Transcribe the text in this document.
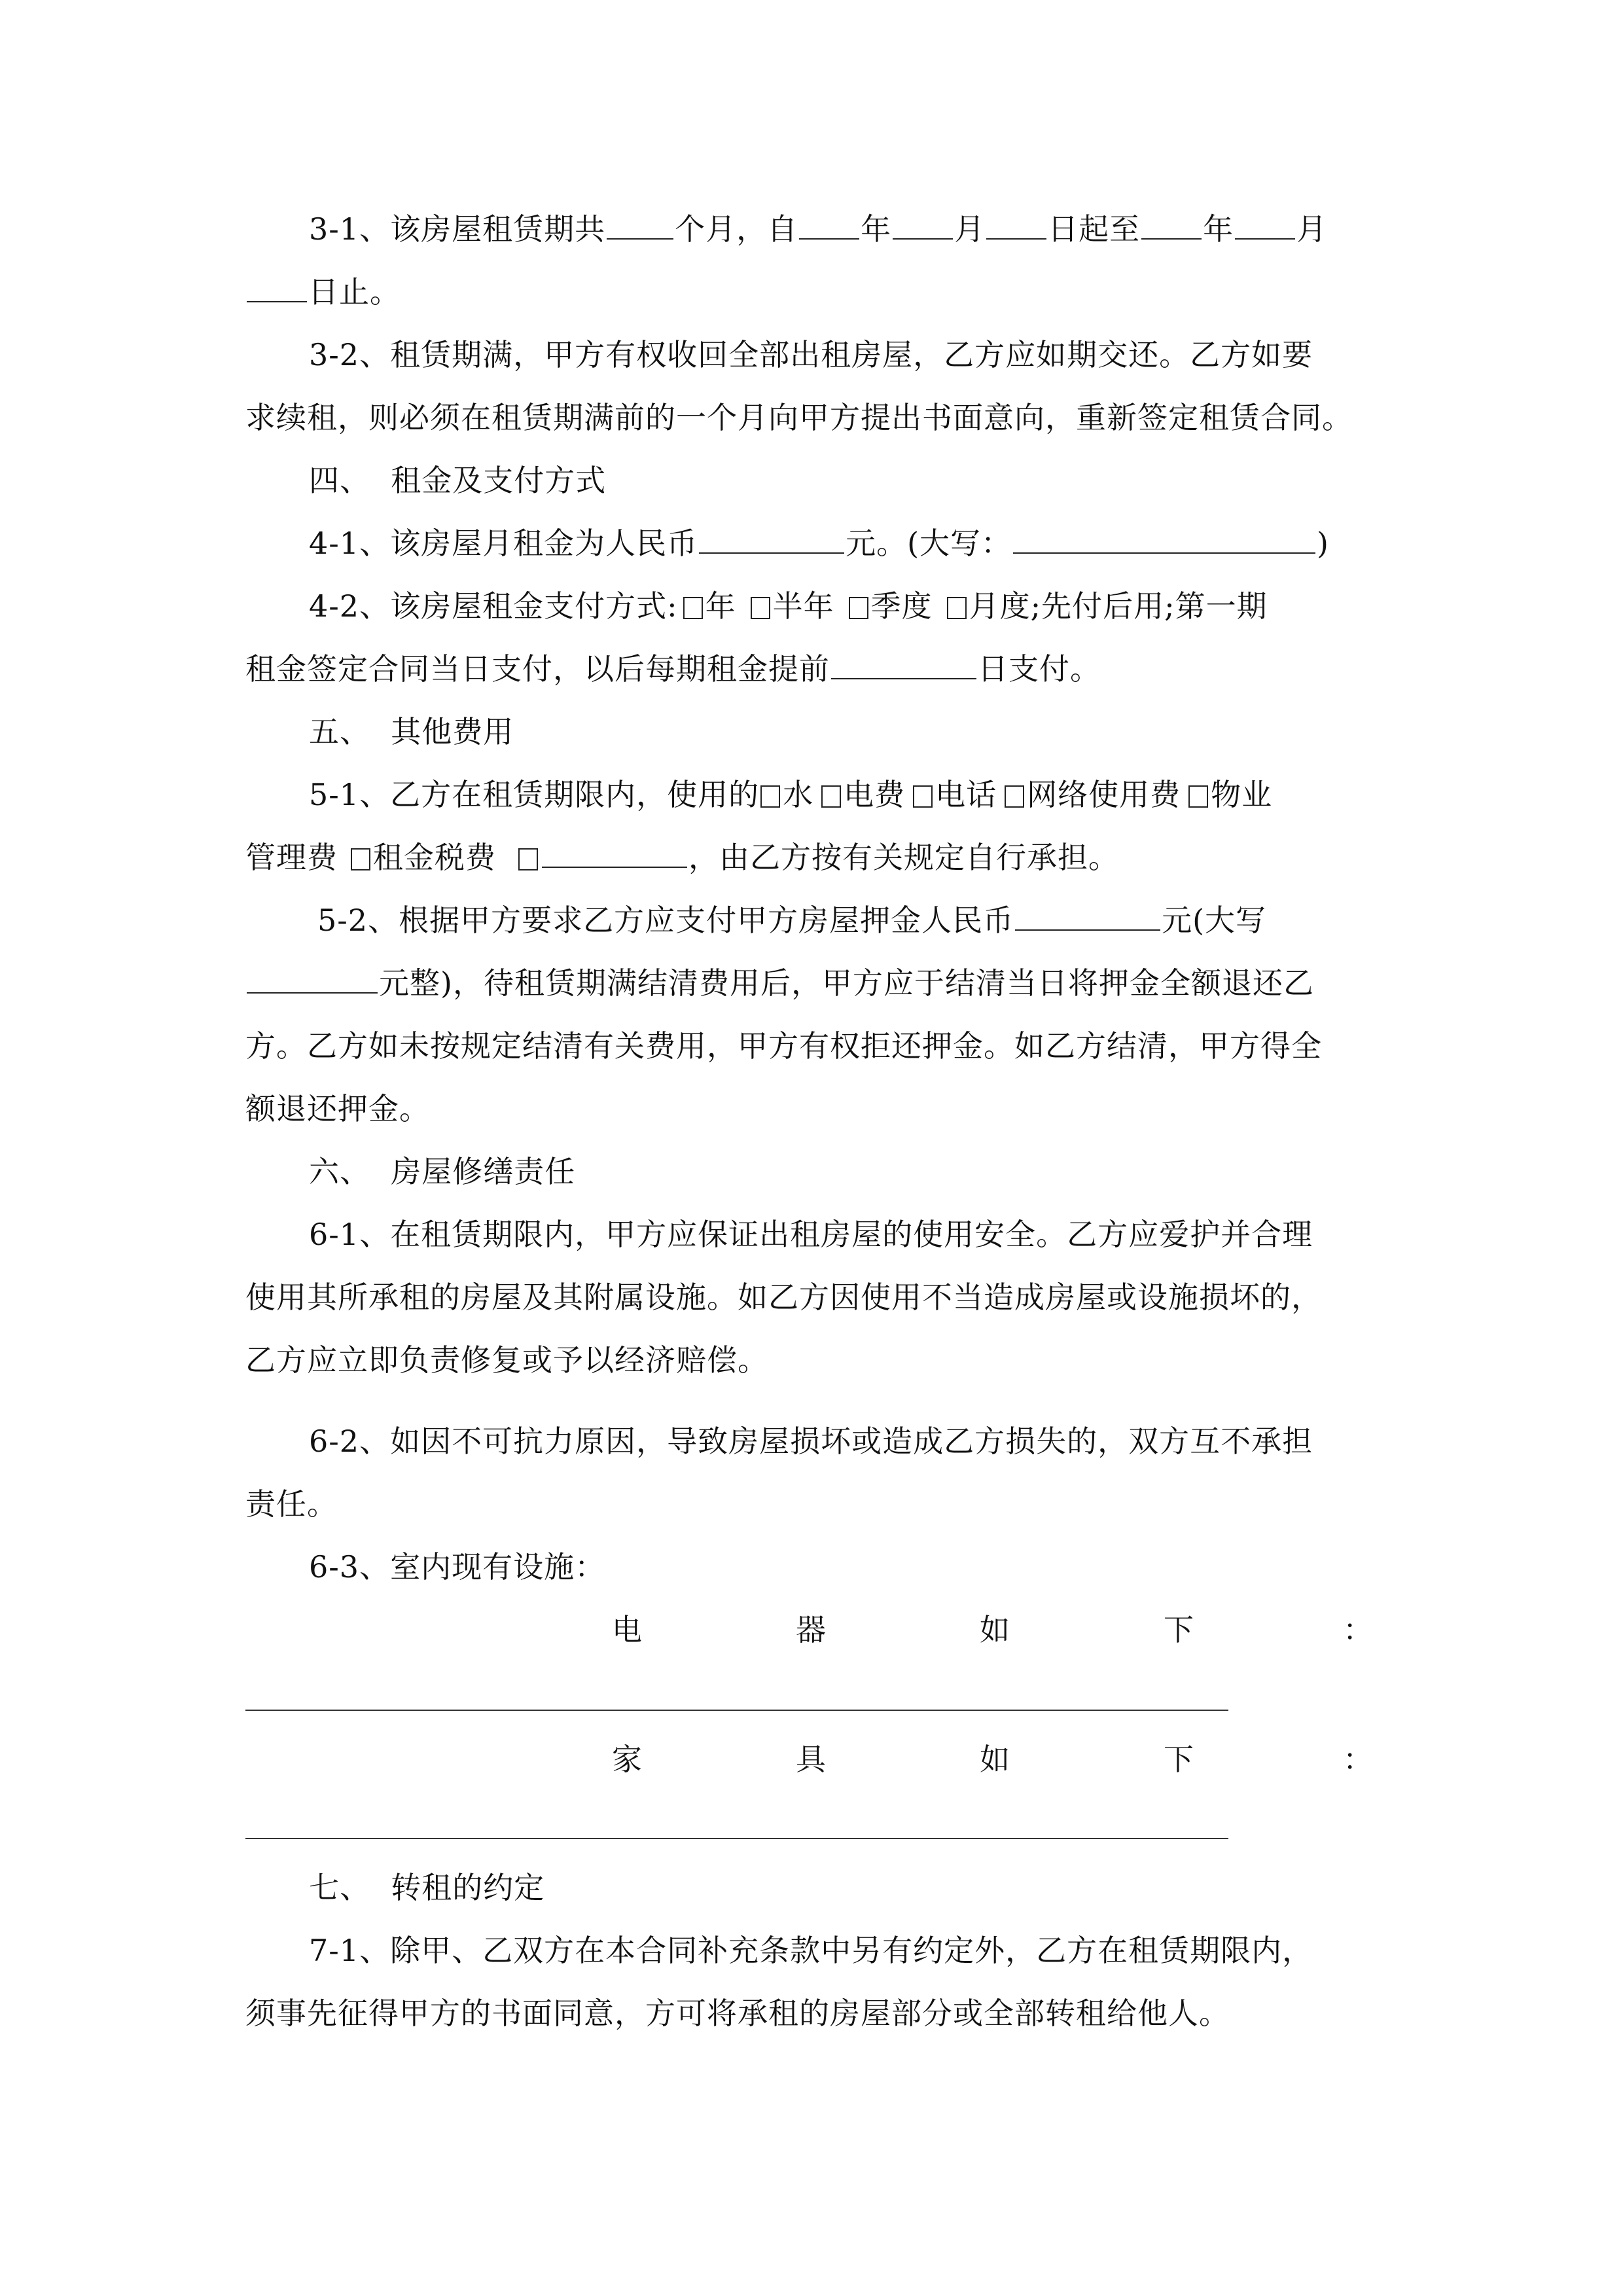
3-1、该房屋租赁期共 个月，自 年 月 日起至 年 月

日止。

3-2、租赁期满，甲方有权收回全部出租房屋，乙方应如期交还。乙方如要

求续租，则必须在租赁期满前的一个月向甲方提出书面意向，重新签定租赁合同。

四、  租金及支付方式

4-1、该房屋月租金为人民币	元。(大写：	)

4-2、该房屋租金支付方式: 年 半年 季度 月度;先付后用;第一期

租金签定合同当日支付，以后每期租金提前	日支付。

五、  其他费用

5-1、乙方在租赁期限内，使用的 水 电费 电话 网络使用费 物业

管理费 租金税费	，由乙方按有关规定自行承担。

5-2、根据甲方要求乙方应支付甲方房屋押金人民币	元(大写

元整)，待租赁期满结清费用后，甲方应于结清当日将押金全额退还乙

方。乙方如未按规定结清有关费用，甲方有权拒还押金。如乙方结清，甲方得全

额退还押金。

六、  房屋修缮责任

6-1、在租赁期限内，甲方应保证出租房屋的使用安全。乙方应爱护并合理

使用其所承租的房屋及其附属设施。如乙方因使用不当造成房屋或设施损坏的，

乙方应立即负责修复或予以经济赔偿。

6-2、如因不可抗力原因，导致房屋损坏或造成乙方损失的，双方互不承担

责任。

6-3、室内现有设施：

电	器	如	下	：
家	具	如	下	：

七、  转租的约定

7-1、除甲、乙双方在本合同补充条款中另有约定外，乙方在租赁期限内，

须事先征得甲方的书面同意，方可将承租的房屋部分或全部转租给他人。
